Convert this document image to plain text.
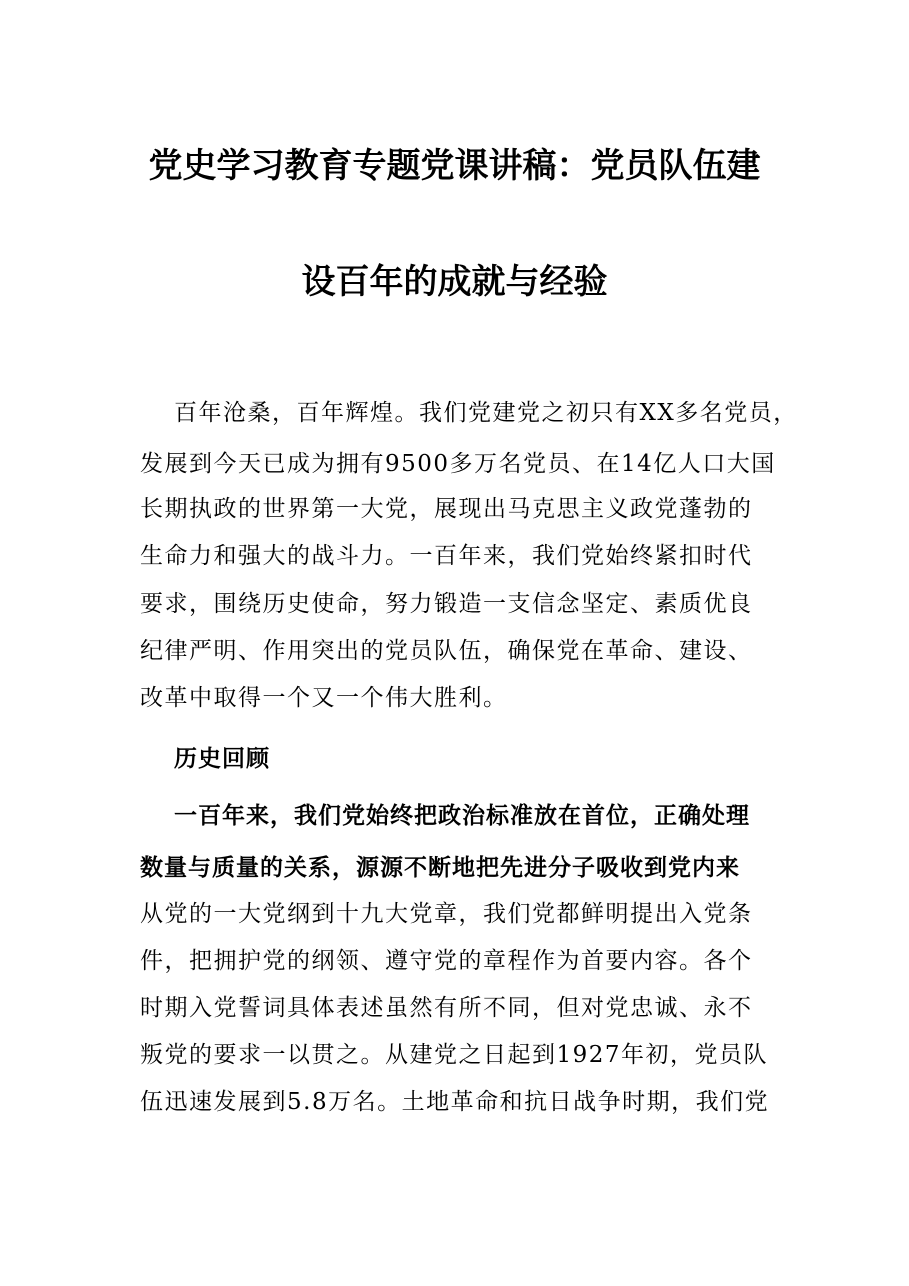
党史学习教育专题党课讲稿：党员队伍建
设百年的成就与经验
百年沧桑，百年辉煌。我们党建党之初只有XX多名党员，
发展到今天已成为拥有9500多万名党员、在14亿人口大国
长期执政的世界第一大党，展现出马克思主义政党蓬勃的
生命力和强大的战斗力。一百年来，我们党始终紧扣时代
要求，围绕历史使命，努力锻造一支信念坚定、素质优良
纪律严明、作用突出的党员队伍，确保党在革命、建设、
改革中取得一个又一个伟大胜利。
历史回顾
一百年来，我们党始终把政治标准放在首位，正确处理
数量与质量的关系，源源不断地把先进分子吸收到党内来
从党的一大党纲到十九大党章，我们党都鲜明提出入党条
件，把拥护党的纲领、遵守党的章程作为首要内容。各个
时期入党誓词具体表述虽然有所不同，但对党忠诚、永不
叛党的要求一以贯之。从建党之日起到1927年初，党员队
伍迅速发展到5.8万名。土地革命和抗日战争时期，我们党
